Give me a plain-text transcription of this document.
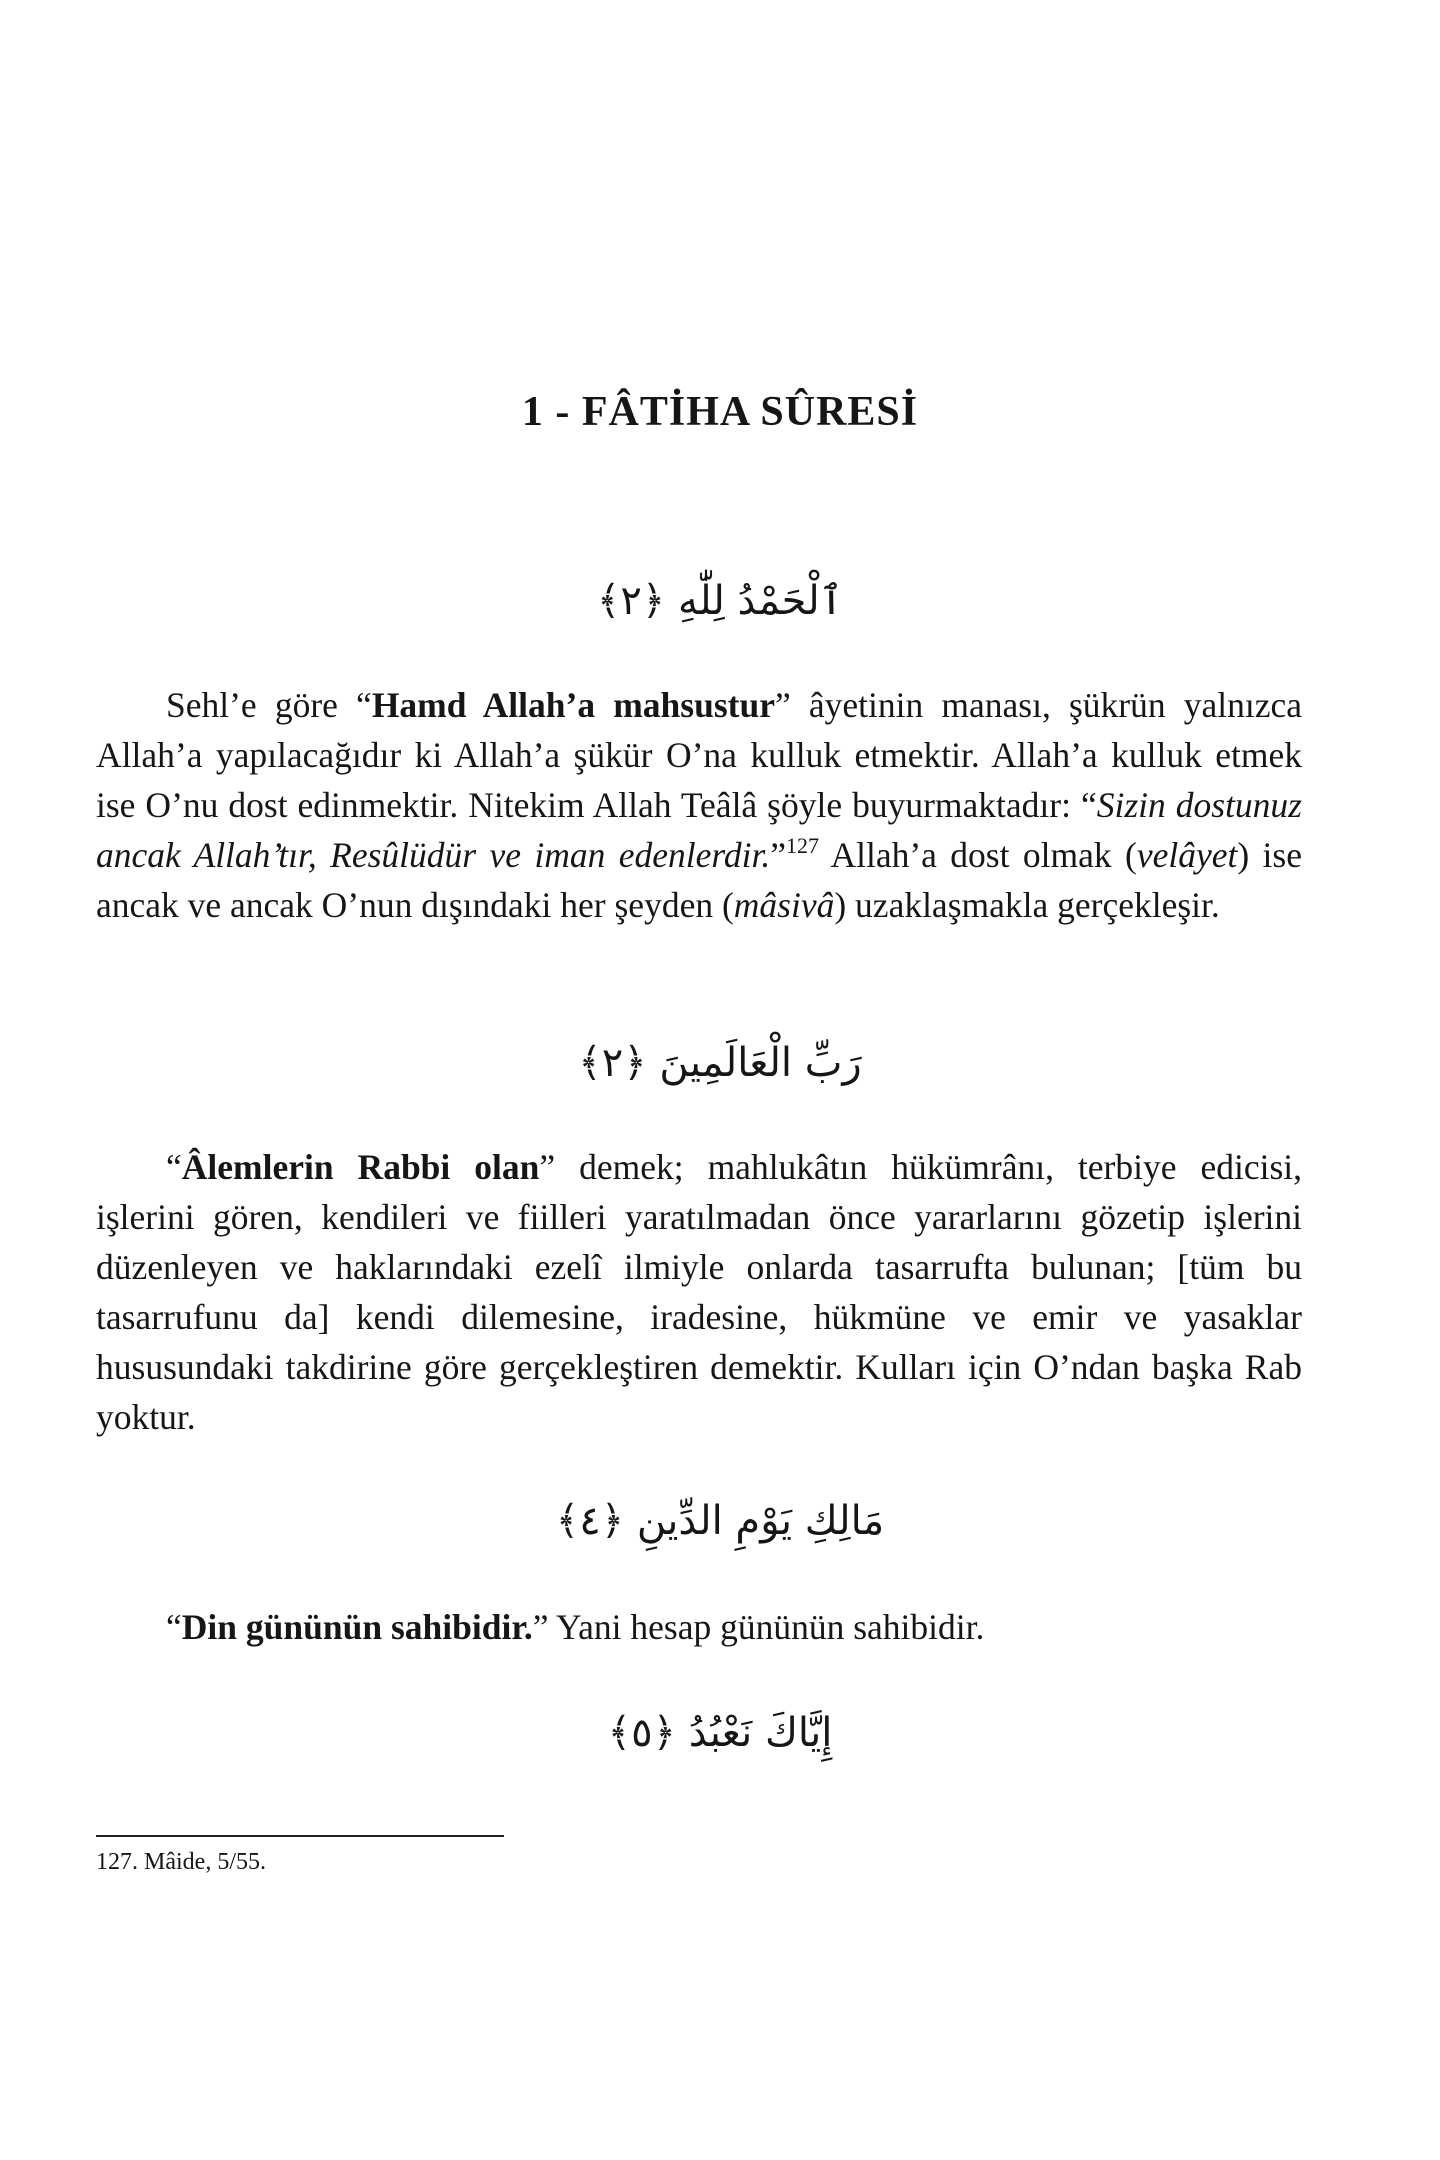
1 - FÂTİHA SÛRESİ
ٱلْحَمْدُ لِلّٰهِ ﴿٢﴾

Sehl’e göre “Hamd Allah’a mahsustur” âyetinin manası, şükrün yalnızca Allah’a yapılacağıdır ki Allah’a şükür O’na kulluk etmektir. Allah’a kulluk etmek ise O’nu dost edinmektir. Nitekim Allah Teâlâ şöyle buyurmaktadır: “Sizin dostunuz ancak Allah’tır, Resûlüdür ve iman edenlerdir.”$^{127}$ Allah’a dost olmak (velâyet) ise ancak ve ancak O’nun dışındaki her şeyden (mâsivâ) uzaklaşmakla gerçekleşir.

رَبِّ الْعَالَمِينَ ﴿٢﴾

“Âlemlerin Rabbi olan” demek; mahlukâtın hükümrânı, terbiye edicisi, işlerini gören, kendileri ve fiilleri yaratılmadan önce yararlarını gözetip işlerini düzenleyen ve haklarındaki ezelî ilmiyle onlarda tasarrufta bulunan; [tüm bu tasarrufunu da] kendi dilemesine, iradesine, hükmüne ve emir ve yasaklar hususundaki takdirine göre gerçekleştiren demektir. Kulları için O’ndan başka Rab yoktur.

مَالِكِ يَوْمِ الدِّينِ ﴿٤﴾

“Din gününün sahibidir.” Yani hesap gününün sahibidir.

إِيَّاكَ نَعْبُدُ ﴿٥﴾
127. Mâide, 5/55.
